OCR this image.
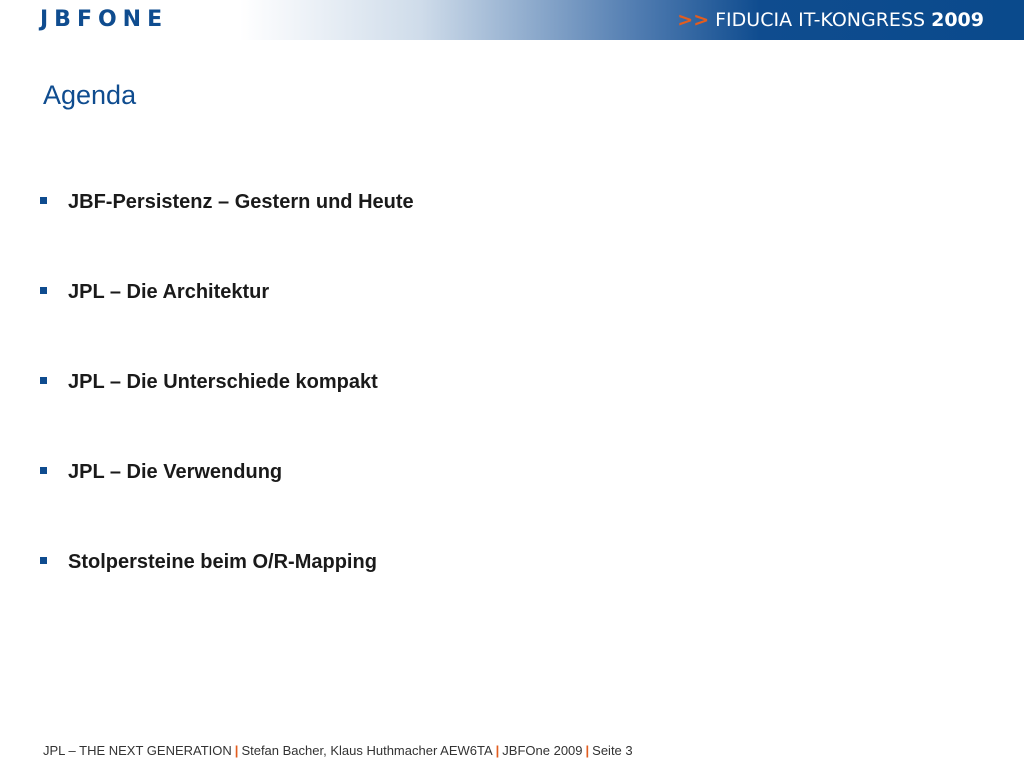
JBFONE	>> FIDUCIA IT-KONGRESS 2009
Agenda
JBF-Persistenz – Gestern und Heute
JPL – Die Architektur
JPL – Die Unterschiede kompakt
JPL – Die Verwendung
Stolpersteine beim O/R-Mapping
JPL – THE NEXT GENERATION | Stefan Bacher, Klaus Huthmacher AEW6TA | JBFOne 2009 | Seite 3
